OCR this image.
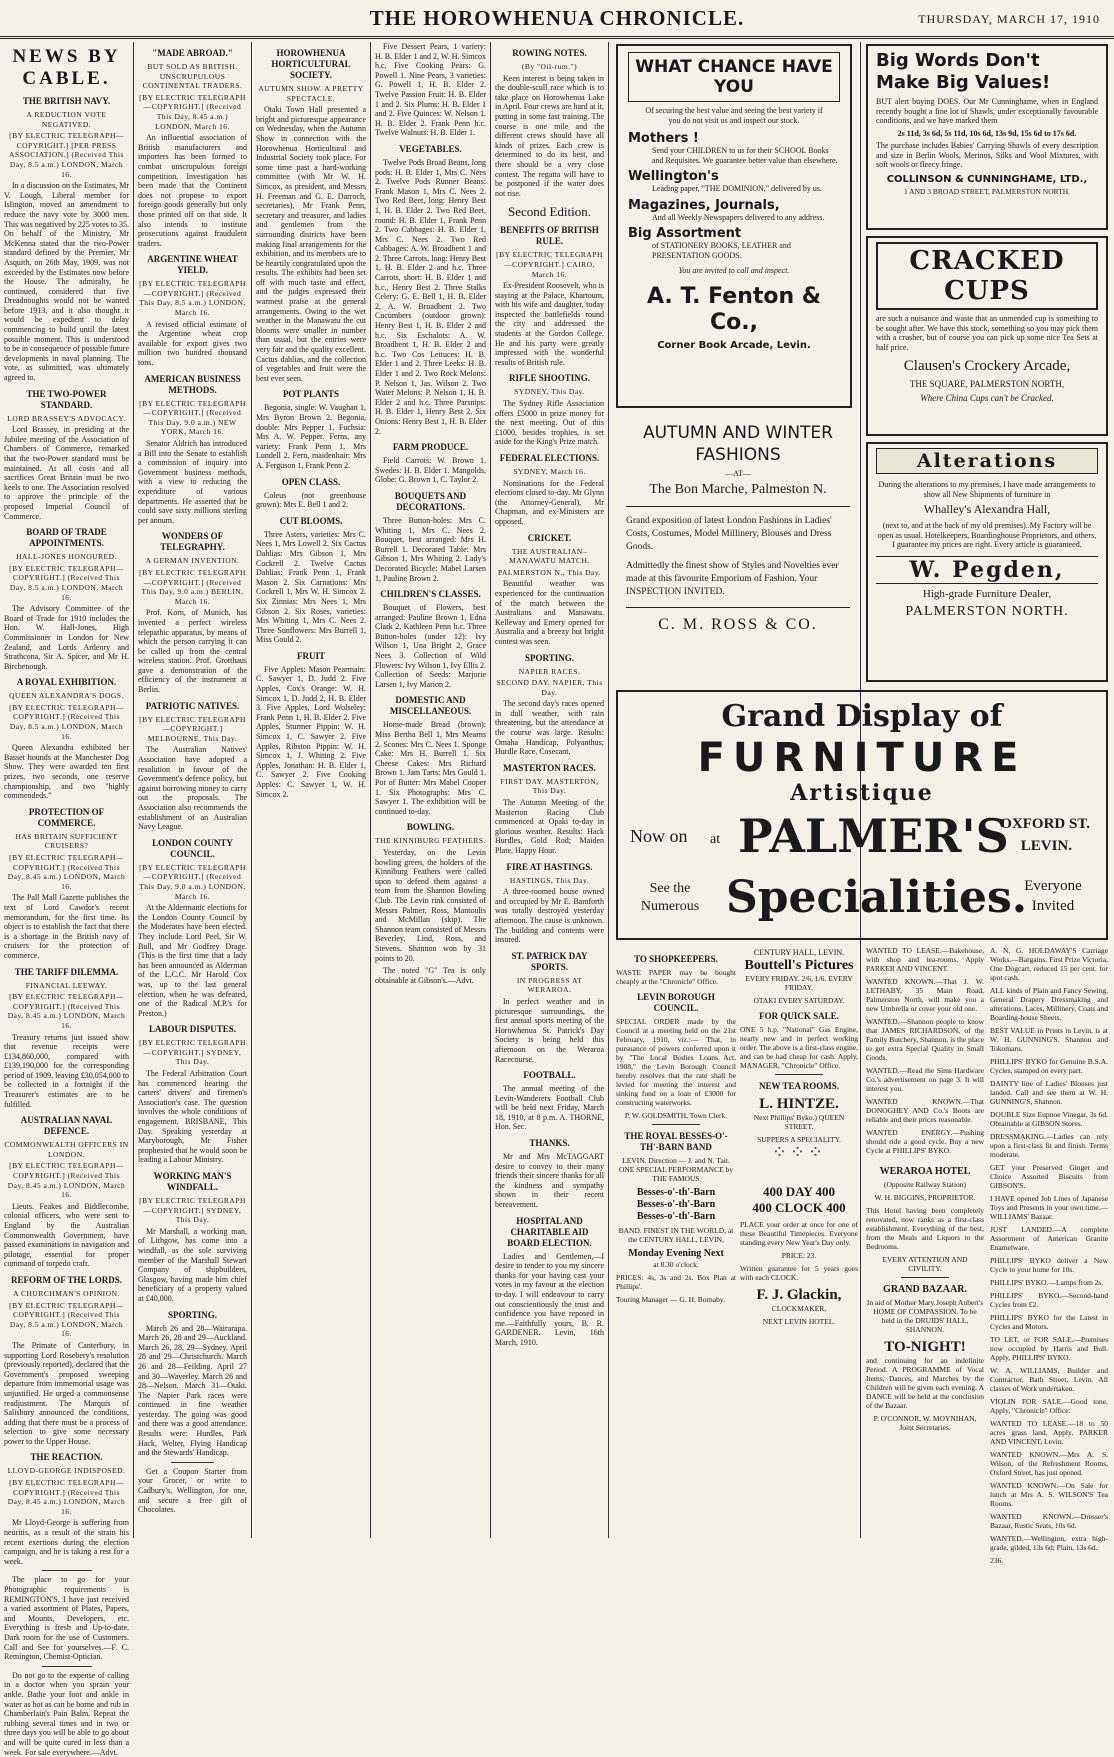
THE HOROWHENUA CHRONICLE.	THURSDAY, MARCH 17, 1910
NEWS BY CABLE.
THE BRITISH NAVY.
A REDUCTION VOTE NEGATIVED.
[BY ELECTRIC TELEGRAPH—COPYRIGHT.] [PER PRESS ASSOCIATION.] (Received This Day, 8.5 a.m.) LONDON, March 16.

In a discussion on the Estimates, Mr V. Lough, Liberal member for Islington, moved an amendment to reduce the navy vote by 3000 men. This was negatived by 225 votes to 35. On behalf of the Ministry, Mr McKenna stated that the two-Power standard defined by the Premier, Mr Asquith, on 26th May, 1909, was not exceeded by the Estimates now before the House. The admiralty, he continued, considered that five Dreadnoughts would not be wanted before 1913, and it also thought it would be expedient to delay commencing to build until the latest possible moment. This is understood to be in consequence of possible future developments in naval planning. The vote, as submitted, was ultimately agreed to.

THE TWO-POWER STANDARD.
LORD BRASSEY'S ADVOCACY.

Lord Brassey, in presiding at the Jubilee meeting of the Association of Chambers of Commerce, remarked that the two-Power standard must be maintained. At all costs and all sacrifices Great Britain must be two keels to one. The Association resolved to approve the principle of the proposed Imperial Council of Commerce.

BOARD OF TRADE APPOINTMENTS.
HALL-JONES HONOURED.
[BY ELECTRIC TELEGRAPH—COPYRIGHT.] (Received This Day, 8.5 a.m.) LONDON, March 16.

The Advisory Committee of the Board of Trade for 1910 includes the Hon. W. Hall-Jones, High Commissioner in London for New Zealand, and Lords Ardenry and Strathcona, Sir A. Spicer, and Mr H. Birchenough.

A ROYAL EXHIBITION.
QUEEN ALEXANDRA'S DOGS.
[BY ELECTRIC TELEGRAPH—COPYRIGHT.] (Received This Day, 8.5 a.m.) LONDON, March 16.

Queen Alexandra exhibited her Basset hounds at the Manchester Dog Show. They were awarded ten first prizes, two seconds, one reserve championship, and two "highly commendeds."

PROTECTION OF COMMERCE.
HAS BRITAIN SUFFICIENT CRUISERS?
[BY ELECTRIC TELEGRAPH—COPYRIGHT.] (Received This Day, 8.45 a.m.) LONDON, March 16.

The Pall Mall Gazette publishes the text of Lord Cawdor's recent memorandum, for the first time. Its object is to establish the fact that there is a shortage in the British navy of cruisers for the protection of commerce.

THE TARIFF DILEMMA.
FINANCIAL LEEWAY.
[BY ELECTRIC TELEGRAPH—COPYRIGHT.] (Received This Day, 8.45 a.m.) LONDON, March 16.

Treasury returns just issued show that revenue receipts were £134,860,000, compared with £139,190,000 for the corresponding period of 1909, leaving £30,054,000 to be collected in a fortnight if the Treasurer's estimates are to be fulfilled.

AUSTRALIAN NAVAL DEFENCE.
COMMONWEALTH OFFICERS IN LONDON.
[BY ELECTRIC TELEGRAPH—COPYRIGHT.] (Received This Day, 8.45 a.m.) LONDON, March 16.

Lieuts. Feakes and Biddlecombe, colonial officers, who were sent to England by the Australian Commonwealth Government, have passed examinations in navigation and pilotage, essential for proper command of torpedo craft.

REFORM OF THE LORDS.
A CHURCHMAN'S OPINION.
[BY ELECTRIC TELEGRAPH—COPYRIGHT.] (Received This Day, 8.5 a.m.) LONDON, March 16.

The Primate of Canterbury, in supporting Lord Rosebery's resolution (previously reported), declared that the Government's proposed sweeping departure from immemorial usage was unjustified. He urged a commonsense readjustment. The Marquis of Salisbury announced the conditions, adding that there must be a process of selection to give some necessary power to the Upper House.

THE REACTION.
LLOYD-GEORGE INDISPOSED.
[BY ELECTRIC TELEGRAPH—COPYRIGHT.] (Received This Day, 8.45 a.m.) LONDON, March 16.

Mr Lloyd-George is suffering from neuritis, as a result of the strain his recent exertions during the election campaign, and he is taking a rest for a week.

The place to go for your Photographic requirements is REMINGTON'S. I have just received a varied assortment of Plates, Papers, and Mounts, Developers, etc. Everything is fresh and Up-to-date. Dark room for the use of Customers. Call and See for yourselves.—F. C. Remington, Chemist-Optician.

Do not go to the expense of calling in a doctor when you sprain your ankle. Bathe your foot and ankle in water as hot as can be borne and rub in Chamberlain's Pain Balm. Repeat the rubbing several times and in two or three days you will be able to go about and will be quite cured in less than a week. For sale everywhere.—Advt.

"MADE ABROAD."
BUT SOLD AS BRITISH. UNSCRUPULOUS CONTINENTAL TRADERS.
[BY ELECTRIC TELEGRAPH—COPYRIGHT.] (Received This Day, 8.45 a.m.) LONDON, March 16.

An influential association of British manufacturers and importers has been formed to combat unscrupulous foreign competition. Investigation has been made that the Continent does not propose to export foreign goods generally but only those printed off on that side. It also intends to institute prosecutions against fraudulent traders.

ARGENTINE WHEAT YIELD.
[BY ELECTRIC TELEGRAPH—COPYRIGHT.] (Received This Day, 8.5 a.m.) LONDON, March 16.

A revised official estimate of the Argentine wheat crop available for export gives two million two hundred thousand tons.

AMERICAN BUSINESS METHODS.
[BY ELECTRIC TELEGRAPH—COPYRIGHT.] (Received This Day, 9.0 a.m.) NEW YORK, March 16.

Senator Aldrich has introduced a Bill into the Senate to establish a commission of inquiry into Government business methods, with a view to reducing the expenditure of various departments. He asserted that he could save sixty millions sterling per annum.

WONDERS OF TELEGRAPHY.
A GERMAN INVENTION.
[BY ELECTRIC TELEGRAPH—COPYRIGHT.] (Received This Day, 9.0 a.m.) BERLIN, March 16.

Prof. Korn, of Munich, has invented a perfect wireless telepathic apparatus, by means of which the person carrying it can be called up from the central wireless station. Prof. Grotthaus gave a demonstration of the efficiency of the instrument at Berlin.

PATRIOTIC NATIVES.
[BY ELECTRIC TELEGRAPH—COPYRIGHT.] MELBOURNE, This Day.

The Australian Natives' Association have adopted a resolution in favour of the Government's defence policy, but against borrowing money to carry out the proposals. The Association also recommends the establishment of an Australian Navy League.

LONDON COUNTY COUNCIL.
[BY ELECTRIC TELEGRAPH—COPYRIGHT.] (Received This Day, 9.0 a.m.) LONDON, March 16.

At the Aldermanic elections for the London County Council by the Moderates have been elected. They include Lord Peel, Sir W. Bull, and Mr Godfrey Drage. (This is the first time that a lady has been announced as Alderman of the L.C.C. Mr Harold Cox was, up to the last general election, when he was defeated, one of the Radical M.P.'s for Preston.)

LABOUR DISPUTES.
[BY ELECTRIC TELEGRAPH—COPYRIGHT.] SYDNEY, This Day.

The Federal Arbitration Court has commenced hearing the carters' drivers' and firemen's Association's case. The question involves the whole conditions of engagement. BRISBANE, This Day. Speaking yesterday at Maryborough, Mr Fisher prophesied that he would soon be leading a Labour Ministry.

WORKING MAN'S WINDFALL.
[BY ELECTRIC TELEGRAPH—COPYRIGHT.] SYDNEY, This Day.

Mr Marshall, a working man, of Lithgow, has come into a windfall, as the sole surviving member of the Marshall Stewart Company of shipbuilders, Glasgow, having made him chief beneficiary of a property valued at £40,000.

SPORTING.

March 26 and 28—Wairarapa. March 26, 28 and 29—Auckland. March 26, 28, 29—Sydney. April 28 and 29—Christchurch. March 26 and 28—Feilding. April 27 and 30—Waverley. March 26 and 28—Nelson. March 31—Otaki. The Napier Park races were continued in fine weather yesterday. The going was good and there was a good attendance. Results were: Hurdles, Park Hack, Welter, Flying Handicap and the Stewards' Handicap.

Get a Coupon Starter from your Grocer, or write to Cadbury's, Wellington, for one, and secure a free gift of Chocolates.

HOROWHENUA HORTICULTURAL SOCIETY.
AUTUMN SHOW. A PRETTY SPECTACLE.

Otaki Town Hall presented a bright and picturesque appearance on Wednesday, when the Autumn Show in connection with the Horowhenua Horticultural and Industrial Society took place. For some time past a hard-working committee (with Mr W. H. Simcox, as president, and Messrs H. Freeman and G. E. Darroch, secretaries), Mr Frank Penn, secretary and treasurer, and ladies and gentlemen from the surrounding districts have been making final arrangements for the exhibition, and its members are to be heartily congratulated upon the results. The exhibits had been set off with much taste and effect, and the judges expressed their warmest praise at the general arrangements. Owing to the wet weather in the Manawatu the cut blooms were smaller in number than usual, but the entries were very fair and the quality excellent. Cactus dahlias, and the collection of vegetables and fruit were the best ever seen.

POT PLANTS

Begonia, single: W. Vaughan 1, Mrs Byron Brown 2. Begonia, double: Mrs Pepper 1. Fuchsia: Mrs A. W. Pepper. Ferns, any variety: Frank Penn 1, Mrs Lundell 2. Fern, maidenhair: Mrs A. Ferguson 1, Frank Penn 2.

OPEN CLASS.

Coleus (not greenhouse grown): Mrs E. Bell 1 and 2.

CUT BLOOMS.

Three Asters, varieties: Mrs C. Nees 1, Mrs Lowell 2. Six Cactus Dahlias: Mrs Gibson 1, Mrs Cockrell 2. Twelve Cactus Dahlias: Frank Penn 1, Frank Mason 2. Six Carnations: Mrs Cockrell 1, Mrs W. H. Simcox 2. Six Zinnias: Mrs Nees 1, Mrs Gibson 2. Six Roses, varieties: Mrs Whiting 1, Mrs C. Nees 2. Three Sunflowers: Mrs Burrell 1, Miss Gould 2.

FRUIT

Five Apples: Mason Pearmain: C. Sawyer 1, D. Judd 2. Five Apples, Cox's Orange: W. H. Simcox 1, D. Judd 2, H. B. Elder 3. Five Apples, Lord Wolseley: Frank Penn 1, H. B. Elder 2. Five Apples, Sturmer Pippin: W. H. Simcox 1, C. Sawyer 2. Five Apples, Ribston Pippin: W. H. Simcox 1, J. Whiting 2. Five Apples, Jonathan: H. B. Elder 1, C. Sawyer 2. Five Cooking Apples: C. Sawyer 1, W. H. Simcox 2.

Five Dessert Pears, 1 variety: H. B. Elder 1 and 2, W. H. Simcox h.c. Five Cooking Pears: G. Powell 1. Nine Pears, 3 varieties: G. Powell 1, H. B. Elder 2. Twelve Passion Fruit: H. B. Elder 1 and 2. Six Plums: H. B. Elder 1 and 2. Five Quinces: W. Nelson 1. H. B. Elder 2. Frank Penn h.c. Twelve Walnuts: H. B. Elder 1.

VEGETABLES.

Twelve Pods Broad Beans, long pods: H. B. Elder 1, Mrs C. Nees 2. Twelve Pods Runner Beans: Frank Mason 1, Mrs C. Nees 2. Two Red Beet, long: Henry Best 1, H. B. Elder 2. Two Red Beet, round: H. B. Elder 1, Frank Penn 2. Two Cabbages: H. B. Elder 1, Mrs C. Nees 2. Two Red Cabbages: A. W. Broadbent 1 and 2. Three Carrots, long: Henry Best 1, H. B. Elder 2 and h.c. Three Carrots, short: H. B. Elder 1 and h.c., Henry Best 2. Three Stalks Celery: G. E. Bell 1, H. B. Elder 2, A. W. Broadbent 2. Two Cucumbers (outdoor grown): Henry Best 1, H. B. Elder 2 and h.c. Six Eschalots: A. W. Broadbent 1, H. B. Elder 2 and h.c. Two Cos Lettuces: H. B. Elder 1 and 2. Three Leeks: H. B. Elder 1 and 2. Two Rock Melons: P. Nelson 1, Jas. Wilson 2. Two Water Melons: P. Nelson 1, H. B. Elder 2 and h.c. Three Parsnips: H. B. Elder 1, Henry Best 2. Six Onions: Henry Best 1, H. B. Elder 2.

FARM PRODUCE.

Field Carrots: W. Brown 1. Swedes: H. B. Elder 1. Mangolds, Globe: G. Brown 1, C. Taylor 2.

BOUQUETS AND DECORATIONS.

Three Button-holes: Mrs C. Whiting 1, Mrs C. Nees 2. Bouquet, best arranged: Mrs H. Burrell 1. Decorated Table: Mrs Gibson 1, Mrs Whiting 2. Lady's Decorated Bicycle: Mabel Larsen 1, Pauline Brown 2.

CHILDREN'S CLASSES.

Bouquet of Flowers, best arranged: Pauline Brown 1, Edna Clark 2, Kathleen Penn h.c. Three Button-holes (under 12): Ivy Wilson 1, Una Bright 2, Grace Nees 3. Collection of Wild Flowers: Ivy Wilson 1, Ivy Ellis 2. Collection of Seeds: Marjorie Larsen 1, Ivy Marion 2.

DOMESTIC AND MISCELLANEOUS.

Home-made Bread (brown): Miss Bertha Bell 1, Mrs Mearns 2. Scones: Mrs C. Nees 1. Sponge Cake: Mrs H. Burrell 1. Six Cheese Cakes: Mrs Richard Brown 1. Jam Tarts: Mrs Gould 1. Pot of Butter: Mrs Mabel Cooper 1. Six Photographs: Mrs C. Sawyer 1. The exhibition will be continued to-day.

BOWLING.
THE KINNIBURG FEATHERS.

Yesterday, on the Levin bowling green, the holders of the Kinniburg Feathers were called upon to defend them against a team from the Shannon Bowling Club. The Levin rink consisted of Messrs Palmer, Ross, Mantoulis and McMillan (skip). The Shannon team consisted of Messrs Beverley, Lind, Ross, and Stevens. Shannon won by 31 points to 20.

The noted "G" Tea is only obtainable at Gibson's.—Advt.

ROWING NOTES.
(By "Oil-rum.")

Keen interest is being taken in the double-scull race which is to take place on Horowhenua Lake in April. Four crews are hard at it, putting in some fast training. The course is one mile and the different crews should have all kinds of prizes. Each crew is determined to do its best, and there should be a very close contest. The regatta will have to be postponed if the water does not rise.

Second Edition.
BENEFITS OF BRITISH RULE.
[BY ELECTRIC TELEGRAPH—COPYRIGHT.] CAIRO, March 16.

Ex-President Roosevelt, who is staying at the Palace, Khartoum, with his wife and daughter, today inspected the battlefields round the city and addressed the students at the Gordon College. He and his party were greatly impressed with the wonderful results of British rule.

RIFLE SHOOTING.
SYDNEY, This Day.

The Sydney Rifle Association offers £5000 in prize money for the next meeting. Out of this £1000, besides trophies, is set aside for the King's Prize match.

FEDERAL ELECTIONS.
SYDNEY, March 16.

Nominations for the Federal elections closed to-day. Mr Glynn (the Attorney-General), Mr Chapman, and ex-Ministers are opposed.

CRICKET.
THE AUSTRALIAN–MANAWATU MATCH.
PALMERSTON N., This Day.

Beautiful weather was experienced for the continuation of the match between the Australians and Manawatu. Kelleway and Emery opened for Australia and a breezy but bright contest was seen.

SPORTING.
NAPIER RACES.
SECOND DAY. NAPIER, This Day.

The second day's races opened in dull weather, with rain threatening, but the attendance at the course was large. Results: Omaha Handicap, Polyanthus; Hurdle Race, Cosecant.

MASTERTON RACES.
FIRST DAY. MASTERTON, This Day.

The Autumn Meeting of the Masterton Racing Club commenced at Opaki to-day in glorious weather. Results: Hack Hurdles, Gold Rod; Maiden Plate, Happy Hour.

FIRE AT HASTINGS.
HASTINGS, This Day.

A three-roomed house owned and occupied by Mr E. Bamforth was totally destroyed yesterday afternoon. The cause is unknown. The building and contents were insured.

ST. PATRICK DAY SPORTS.
IN PROGRESS AT WERAROA.

In perfect weather and in picturesque surroundings, the first annual sports meeting of the Horowhenua St. Patrick's Day Society is being held this afternoon on the Weraroa Racecourse.

FOOTBALL.

The annual meeting of the Levin-Wanderers Football Club will be held next Friday, March 18, 1910, at 8 p.m. A. THORNE, Hon. Sec.

THANKS.

Mr and Mrs McTAGGART desire to convey to their many friends their sincere thanks for all the kindness and sympathy shown in their recent bereavement.

HOSPITAL AND CHARITABLE AID BOARD ELECTION.

Ladies and Gentlemen,—I desire to tender to you my sincere thanks for your having cast your votes in my favour at the election to-day. I will endeavour to carry out conscientiously the trust and confidence you have reposed in me.—Faithfully yours, B. R. GARDENER. Levin, 16th March, 1910.

WHAT CHANCE HAVE YOU

Of securing the best value and seeing the best variety if you do not visit us and inspect our stock.

Mothers !

Send your CHILDREN to us for their SCHOOL Books and Requisites. We guarantee better value than elsewhere.

Wellington's

Leading paper, "THE DOMINION," delivered by us.

Magazines, Journals,

And all Weekly Newspapers delivered to any address.

Big Assortment

of STATIONERY BOOKS, LEATHER and PRESENTATION GOODS.

You are invited to call and inspect.

A. T. Fenton & Co.,
Corner Book Arcade, Levin.
Big Words Don't Make Big Values!

BUT alert buying DOES. Our Mr Cunninghame, when in England recently bought a fine lot of Shawls, under exceptionally favourable conditions, and we have marked them

2s 11d, 3s 6d, 5s 11d, 10s 6d, 13s 9d, 15s 6d to 17s 6d.

The purchase includes Babies' Carrying Shawls of every description and size in Berlin Wools, Merinos, Silks and Wool Mixtures, with soft wools or fleecy fringe.

COLLINSON & CUNNINGHAME, LTD.,
1 AND 3 BROAD STREET, PALMERSTON NORTH.
CRACKED CUPS

are such a nuisance and waste that an unmended cup is something to be sought after. We have this stock, something so you may pick them with a crusher, but of course you can pick up some nice Tea Sets at half price.

Clausen's Crockery Arcade,
THE SQUARE, PALMERSTON NORTH,
Where China Cups can't be Cracked.
Alterations

During the alterations to my premises, I have made arrangements to show all New Shipments of furniture in

Whalley's Alexandra Hall,

(next to, and at the back of my old premises). My Factory will be open as usual. Hotelkeepers, Boardinghouse Proprietors, and others, I guarantee my prices are right. Every article is guaranteed.

W. Pegden,
High-grade Furniture Dealer,
PALMERSTON NORTH.
AUTUMN AND WINTER FASHIONS
—AT—
The Bon Marche, Palmeston N.

Grand exposition of latest London Fashions in Ladies' Costs, Costumes, Model Millinery, Blouses and Dress Goods.

Admittedly the finest show of Styles and Novelties ever made at this favourite Emporium of Fashion. Your INSPECTION INVITED.

C. M. ROSS & CO.
Grand Display of
FURNITURE
Artistique
Now on at PALMER'S
OXFORD ST.
LEVIN.
See the Numerous Specialities.
Everyone Invited
TO SHOPKEEPERS.

WASTE PAPER may be bought cheaply at the "Chronicle" Office.

LEVIN BOROUGH COUNCIL.

SPECIAL ORDER made by the Council at a meeting held on the 21st February, 1910, viz.:— That, in pursuance of powers conferred upon it by "The Local Bodies Loans Act, 1908," the Levin Borough Council hereby resolves that the rate shall be levied for meeting the interest and sinking fund on a loan of £3000 for constructing waterworks.

P. W. GOLDSMITH, Town Clerk.

THE ROYAL BESSES-O'-TH'-BARN BAND

LEVIN. Direction — J. and N. Tait. ONE SPECIAL PERFORMANCE by THE FAMOUS

Besses-o'-th'-Barn
Besses-o'-th'-Barn
Besses-o'-th'-Barn

BAND. FINEST IN THE WORLD, at the CENTURY HALL, LEVIN,

Monday Evening Next

at 8.30 o'clock.

PRICES: 4s, 3s and 2s. Box Plan at Phillips'.

Touring Manager — G. H. Bornaby.

CENTURY HALL, LEVIN.
Bouttell's Pictures

EVERY FRIDAY. 2/6, 1/6. EVERY FRIDAY.

OTAKI EVERY SATURDAY.

FOR QUICK SALE.

ONE 5 h.p. "National" Gas Engine, nearly new and in perfect working order. The above is a first-class engine, and can be had cheap for cash. Apply, MANAGER, "Chronicle" Office.

NEW TEA ROOMS.
L. HINTZE.

Next Phillips' Byko.) QUEEN STREET.

SUPPERS A SPECIALITY.

⁘⁘⁘
400 DAY 400
400 CLOCK 400

PLACE your order at once for one of these Beautiful Timepieces. Everyone standing every New Year's Day only.

PRICE: 23.

Written guarantee for 5 years goes with each CLOCK.

F. J. Glackin,

CLOCKMAKER,

NEXT LEVIN HOTEL.

WERAROA HOTEL

(Opposite Railway Station)

W. H. BIGGINS, PROPRIETOR.

This Hotel having been completely renovated, now ranks as a first-class establishment. Everything of the best, from the Meals and Liquors to the Bedrooms.

EVERY ATTENTION AND CIVILITY.

GRAND BAZAAR.

In aid of Mother Mary Joseph Aubert's HOME OF COMPASSION. To be held in the DRUIDS' HALL, SHANNON.

TO-NIGHT!

and continuing for an indefinite Period. A PROGRAMME of Vocal Items, Dances, and Marches by the Children will be given each evening. A DANCE will be held at the conclusion of the Bazaar.

P. O'CONNOR, W. MOYNIHAN, Joint Secretaries.

WANTED TO LEASE.—Bakehouse, with shop and tea-rooms. Apply PARKER AND VINCENT.

WANTED KNOWN.—That J. W. LETHABY, 35 Main Road, Palmerston North, will make you a new Umbrella or cover your old one.

WANTED.—Shannon people to know that JAMES RICHARDSON, of the Family Butchery, Shannon, is the place to get extra Special Quality in Small Goods.

WANTED.—Read the Sims Hardware Co.'s advertisement on page 3. It will interest you.

WANTED KNOWN.—That DONOGHEY AND Co.'s Boots are reliable and their prices reasonable.

WANTED ENERGY.—Pushing should ride a good cycle. Buy a new Cycle at PHILLIPS' BYKO.

A. N. G. HOLDAWAY'S Carriage Works.—Bargains. First Prize Victoria, One Dogcart, reduced 15 per cent. for spot cash.

ALL kinds of Plain and Fancy Sewing, General Drapery Dressmaking and alterations. Laces, Millinery, Coats and Boarding-house Sheets.

BEST VALUE in Prints in Levin, is at W. H. GUNNING'S. Shannon and Tokomaru.

PHILLIPS' BYKO for Genuine B.S.A. Cycles, stamped on every part.

DAINTY line of Ladies' Blouses just landed. Call and see them at W. H. GUNNING'S, Shannon.

DOUBLE Size Eupnoe Vinegar, 3s 6d. Obtainable at GIBSON Stores.

DRESSMAKING.—Ladies can rely upon a first-class fit and finish. Terms moderate.

GET your Preserved Ginger and Choice Assorted Biscuits from GIBSON'S.

I HAVE opened Job Lines of Japanese Toys and Presents in your own time.—WILLIAMS' Bazaar.

JUST LANDED.—A complete Assortment of American Granite Enamelware.

PHILLIPS' BYKO deliver a New Cycle to your home for 10s.

PHILLIPS' BYKO.—Lamps from 2s.

PHILLIPS' BYKO.—Second-hand Cycles from £2.

PHILLIPS' BYKO for the Latest in Cycles and Motors.

TO LET, or FOR SALE.—Premises now occupied by Harris and Bull. Apply, PHILLIPS' BYKO.

W. A. WILLIAMS, Builder and Contractor, Bath Street, Levin. All classes of Work undertaken.

VIOLIN FOR SALE.—Good tone. Apply, "Chronicle" Office.

WANTED TO LEASE.—18 to 50 acres grass land. Apply, PARKER AND VINCENT, Levin.

WANTED KNOWN.—Mrs A. S. Wilson, of the Refreshment Rooms, Oxford Street, has just opened.

WANTED KNOWN.—On Sale for lunch at Mrs A. S. WILSON'S Tea Rooms.

WANTED KNOWN.—Dresser's Bazaar, Rustic Seats, 10s 6d.

WANTED.—Wellington, extra high-grade, gilded, 13s 6d; Plain, 13s 6d.

236.
